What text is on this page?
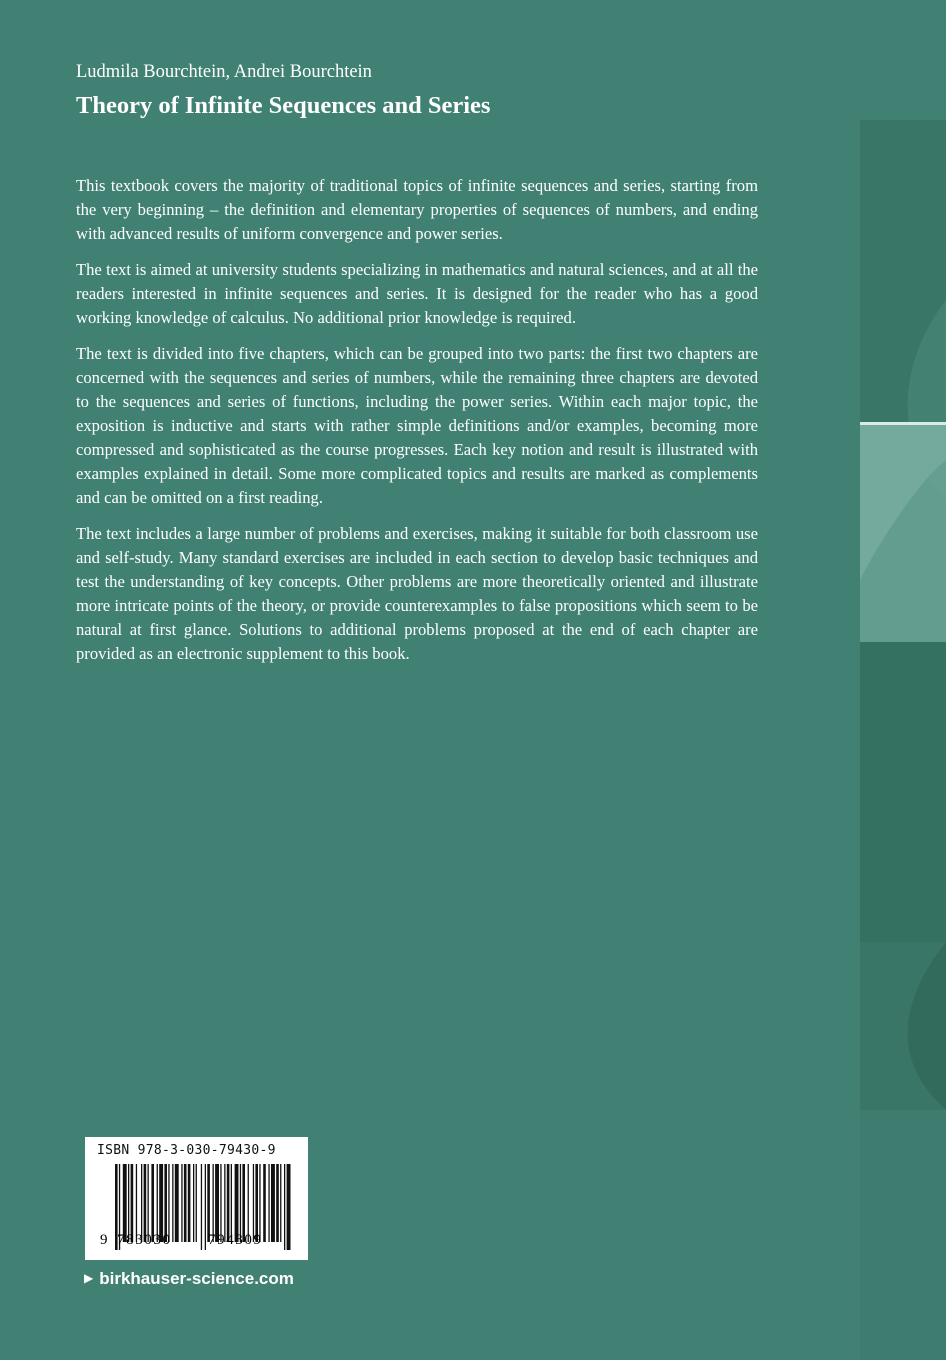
Ludmila Bourchtein, Andrei Bourchtein
Theory of Infinite Sequences and Series

This textbook covers the majority of traditional topics of infinite sequences and series, starting from the very beginning – the definition and elementary properties of sequences of numbers, and ending with advanced results of uniform convergence and power series.

The text is aimed at university students specializing in mathematics and natural sciences, and at all the readers interested in infinite sequences and series. It is designed for the reader who has a good working knowledge of calculus. No additional prior knowledge is required.

The text is divided into five chapters, which can be grouped into two parts: the first two chapters are concerned with the sequences and series of numbers, while the remaining three chapters are devoted to the sequences and series of functions, including the power series. Within each major topic, the exposition is inductive and starts with rather simple definitions and/or examples, becoming more compressed and sophisticated as the course progresses. Each key notion and result is illustrated with examples explained in detail. Some more complicated topics and results are marked as complements and can be omitted on a first reading.

The text includes a large number of problems and exercises, making it suitable for both classroom use and self-study. Many standard exercises are included in each section to develop basic techniques and test the understanding of key concepts. Other problems are more theoretically oriented and illustrate more intricate points of the theory, or provide counterexamples to false propositions which seem to be natural at first glance. Solutions to additional problems proposed at the end of each chapter are provided as an electronic supplement to this book.

ISBN 978-3-030-79430-9
9 783030 794309
▶ birkhauser-science.com
